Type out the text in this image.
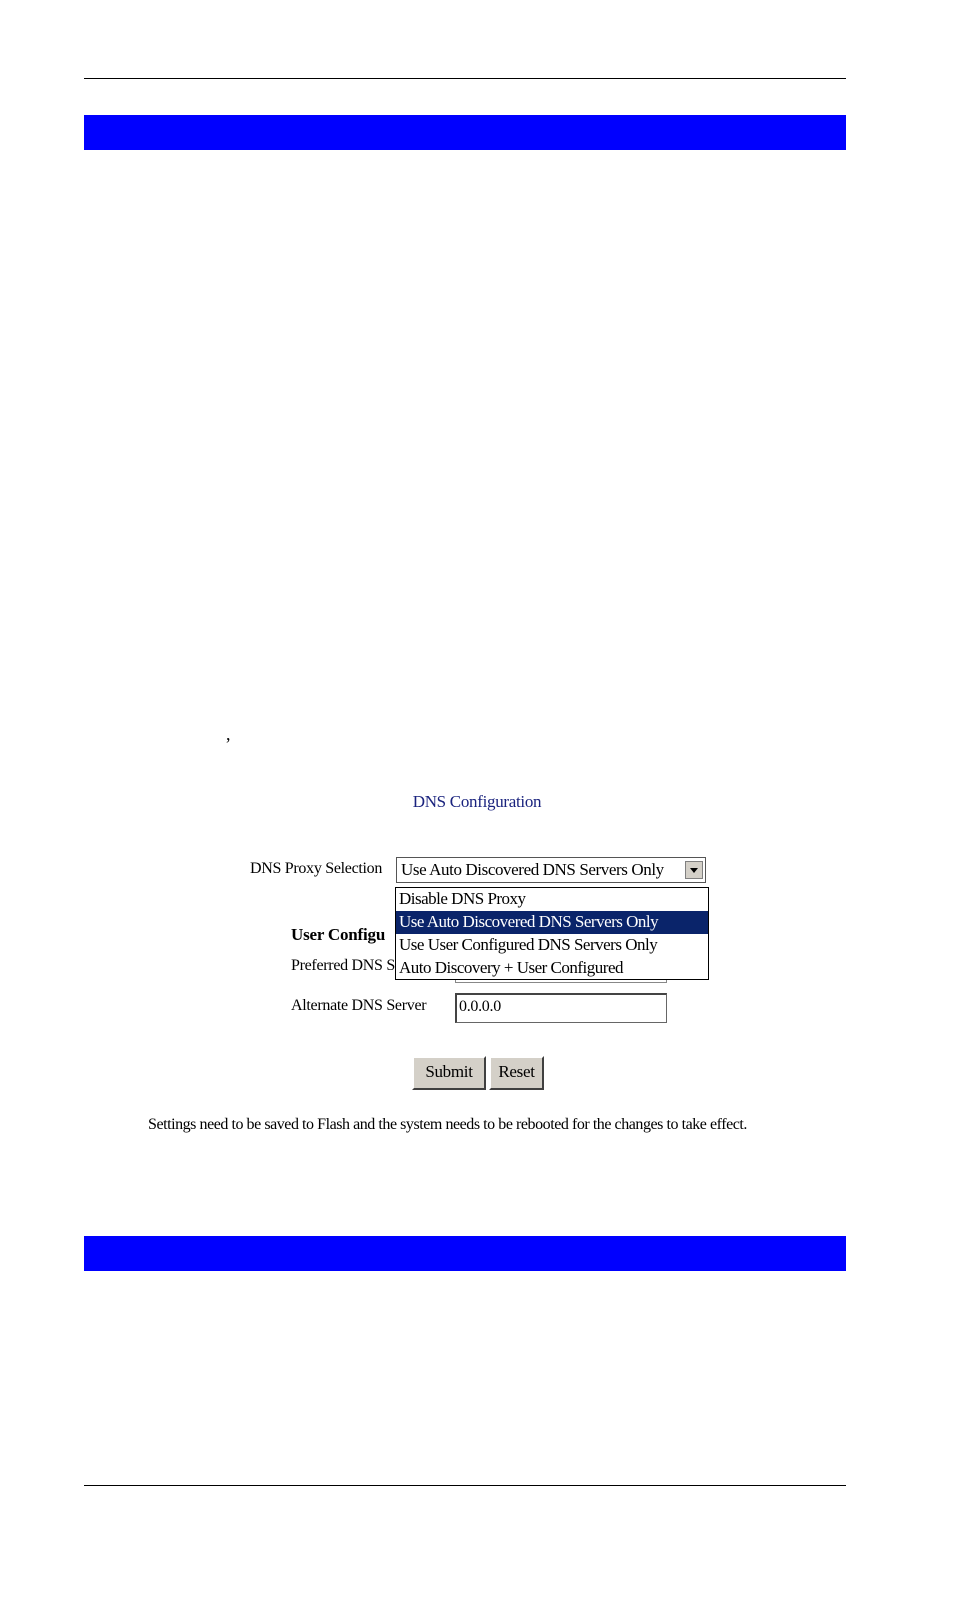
,
DNS Configuration
DNS Proxy Selection Use Auto Discovered DNS Servers Only
User Configu
Preferred DNS S
Alternate DNS Server 0.0.0.0
Disable DNS Proxy
Use Auto Discovered DNS Servers Only
Use User Configured DNS Servers Only
Auto Discovery + User Configured
Submit	Reset
Settings need to be saved to Flash and the system needs to be rebooted for the changes to take effect.
